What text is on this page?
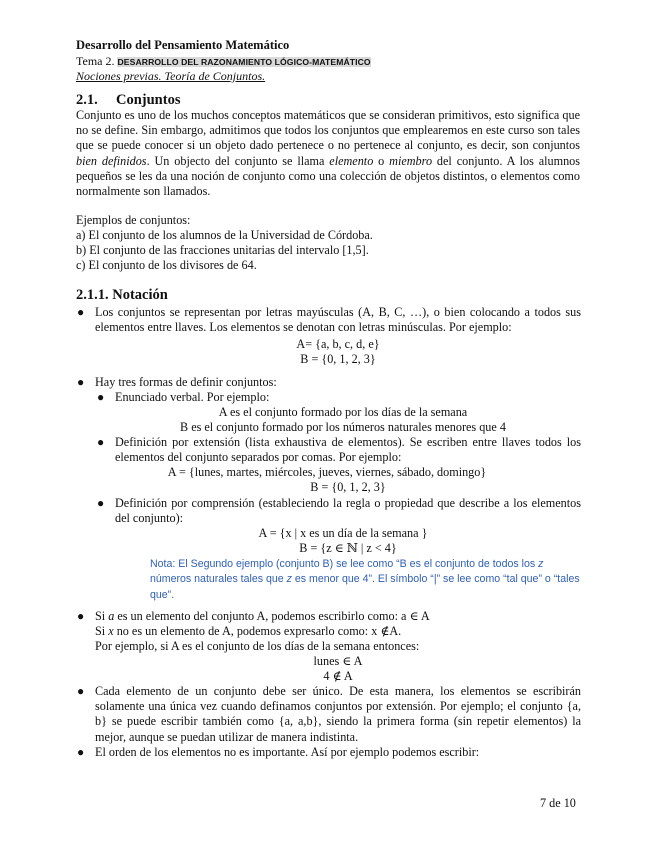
Desarrollo del Pensamiento Matemático
Tema 2. DESARROLLO DEL RAZONAMIENTO LÓGICO-MATEMÁTICO
Nociones previas. Teoría de Conjuntos.
2.1. Conjuntos
Conjunto es uno de los muchos conceptos matemáticos que se consideran primitivos, esto significa que no se define. Sin embargo, admitimos que todos los conjuntos que emplearemos en este curso son tales que se puede conocer si un objeto dado pertenece o no pertenece al conjunto, es decir, son conjuntos bien definidos. Un objecto del conjunto se llama elemento o miembro del conjunto. A los alumnos pequeños se les da una noción de conjunto como una colección de objetos distintos, o elementos como normalmente son llamados.
Ejemplos de conjuntos:
a) El conjunto de los alumnos de la Universidad de Córdoba.
b) El conjunto de las fracciones unitarias del intervalo [1,5].
c) El conjunto de los divisores de 64.
2.1.1. Notación
● Los conjuntos se representan por letras mayúsculas (A, B, C, …), o bien colocando a todos sus elementos entre llaves. Los elementos se denotan con letras minúsculas. Por ejemplo:
A= {a, b, c, d, e}
B = {0, 1, 2, 3}
● Hay tres formas de definir conjuntos:
● Enunciado verbal. Por ejemplo:
A es el conjunto formado por los días de la semana
B es el conjunto formado por los números naturales menores que 4
● Definición por extensión (lista exhaustiva de elementos). Se escriben entre llaves todos los elementos del conjunto separados por comas. Por ejemplo:
A = {lunes, martes, miércoles, jueves, viernes, sábado, domingo}
B = {0, 1, 2, 3}
● Definición por comprensión (estableciendo la regla o propiedad que describe a los elementos del conjunto):
A = {x | x es un día de la semana }
B = {z ∈ ℕ | z < 4}
Nota: El Segundo ejemplo (conjunto B) se lee como “B es el conjunto de todos los z números naturales tales que z es menor que 4”. El símbolo “|” se lee como “tal que” o “tales que”.
● Si a es un elemento del conjunto A, podemos escribirlo como: a ∈ A
Si x no es un elemento de A, podemos expresarlo como: x ∉A.
Por ejemplo, si A es el conjunto de los días de la semana entonces:
lunes ∈ A
4 ∉ A
● Cada elemento de un conjunto debe ser único. De esta manera, los elementos se escribirán solamente una única vez cuando definamos conjuntos por extensión. Por ejemplo; el conjunto {a, b} se puede escribir también como {a, a,b}, siendo la primera forma (sin repetir elementos) la mejor, aunque se puedan utilizar de manera indistinta.
● El orden de los elementos no es importante. Así por ejemplo podemos escribir:
7 de 10
